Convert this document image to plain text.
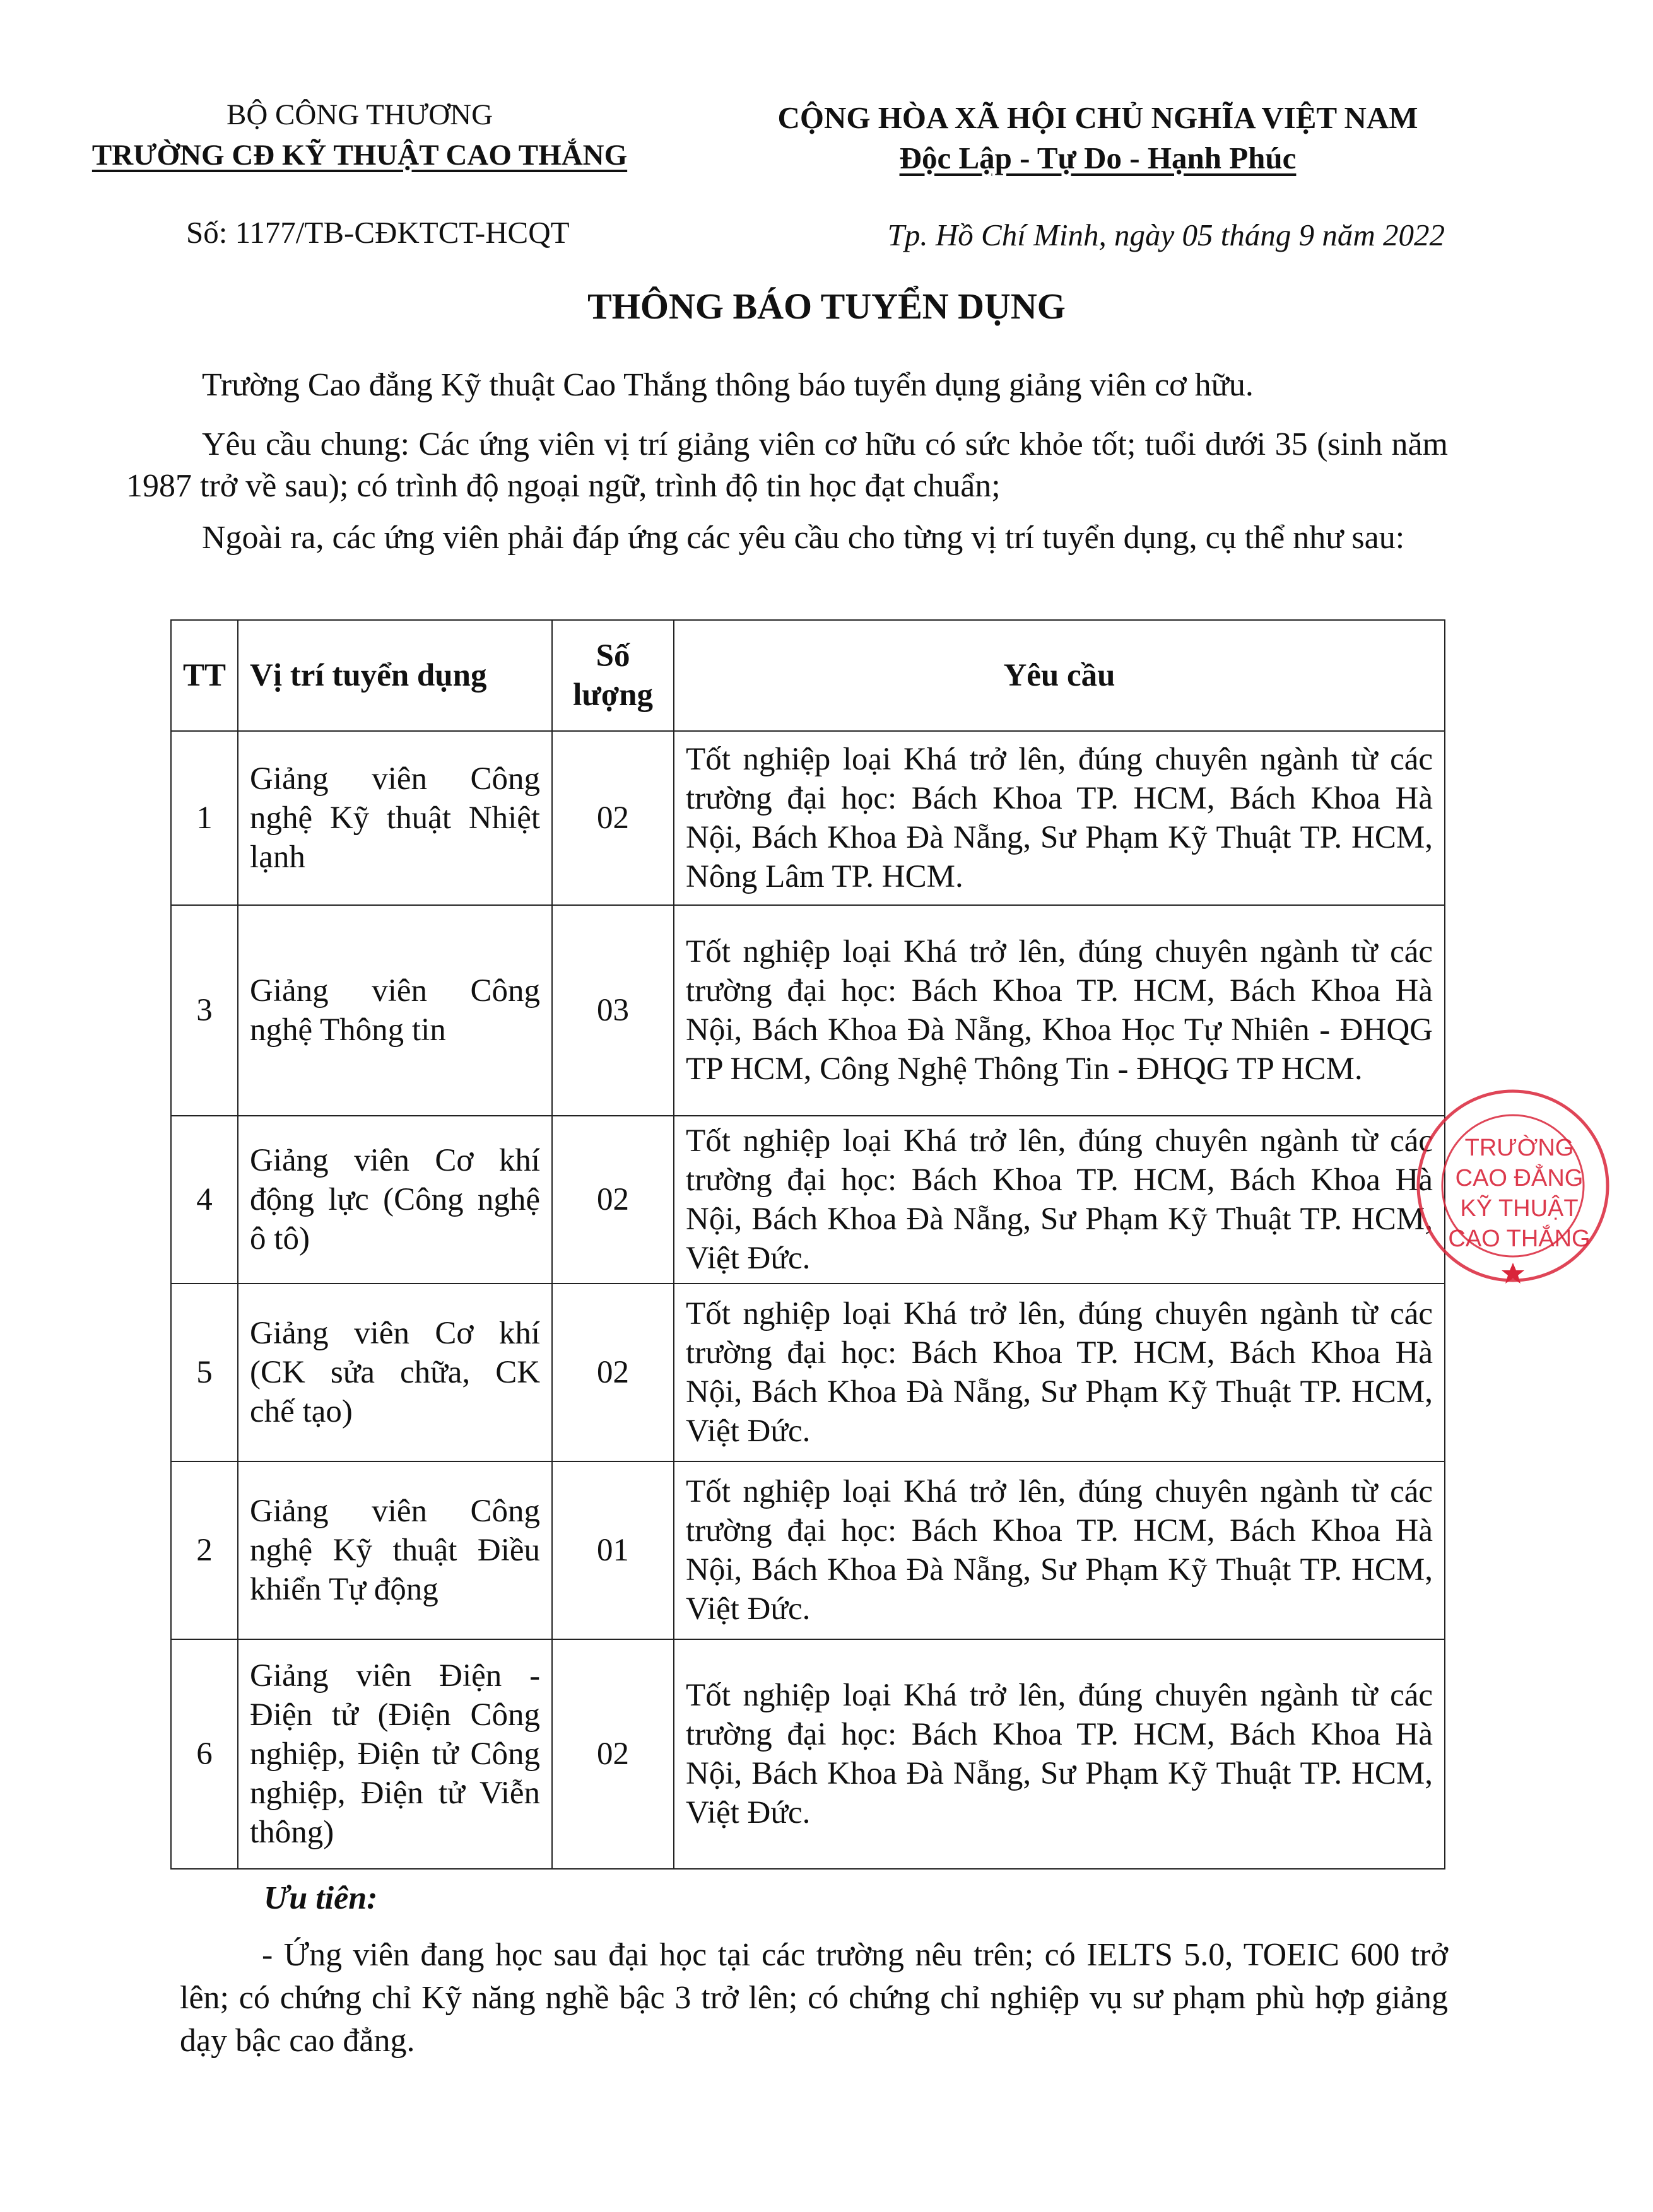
BỘ CÔNG THƯƠNG
TRƯỜNG CĐ KỸ THUẬT CAO THẮNG
CỘNG HÒA XÃ HỘI CHỦ NGHĨA VIỆT NAM
Độc Lập - Tự Do - Hạnh Phúc
Số: 1177/TB-CĐKTCT-HCQT	Tp. Hồ Chí Minh, ngày 05 tháng 9 năm 2022
THÔNG BÁO TUYỂN DỤNG
Trường Cao đẳng Kỹ thuật Cao Thắng thông báo tuyển dụng giảng viên cơ hữu.
Yêu cầu chung: Các ứng viên vị trí giảng viên cơ hữu có sức khỏe tốt; tuổi dưới 35 (sinh năm 1987 trở về sau); có trình độ ngoại ngữ, trình độ tin học đạt chuẩn;
Ngoài ra, các ứng viên phải đáp ứng các yêu cầu cho từng vị trí tuyển dụng, cụ thể như sau:
TT	Vị trí tuyển dụng	Số lượng	Yêu cầu
1	Giảng viên Công nghệ Kỹ thuật Nhiệt lạnh	02	Tốt nghiệp loại Khá trở lên, đúng chuyên ngành từ các trường đại học: Bách Khoa TP. HCM, Bách Khoa Hà Nội, Bách Khoa Đà Nẵng, Sư Phạm Kỹ Thuật TP. HCM, Nông Lâm TP. HCM.
3	Giảng viên Công nghệ Thông tin	03	Tốt nghiệp loại Khá trở lên, đúng chuyên ngành từ các trường đại học: Bách Khoa TP. HCM, Bách Khoa Hà Nội, Bách Khoa Đà Nẵng, Khoa Học Tự Nhiên - ĐHQG TP HCM, Công Nghệ Thông Tin - ĐHQG TP HCM.
4	Giảng viên Cơ khí động lực (Công nghệ ô tô)	02	Tốt nghiệp loại Khá trở lên, đúng chuyên ngành từ các trường đại học: Bách Khoa TP. HCM, Bách Khoa Hà Nội, Bách Khoa Đà Nẵng, Sư Phạm Kỹ Thuật TP. HCM, Việt Đức.
5	Giảng viên Cơ khí (CK sửa chữa, CK chế tạo)	02	Tốt nghiệp loại Khá trở lên, đúng chuyên ngành từ các trường đại học: Bách Khoa TP. HCM, Bách Khoa Hà Nội, Bách Khoa Đà Nẵng, Sư Phạm Kỹ Thuật TP. HCM, Việt Đức.
2	Giảng viên Công nghệ Kỹ thuật Điều khiển Tự động	01	Tốt nghiệp loại Khá trở lên, đúng chuyên ngành từ các trường đại học: Bách Khoa TP. HCM, Bách Khoa Hà Nội, Bách Khoa Đà Nẵng, Sư Phạm Kỹ Thuật TP. HCM, Việt Đức.
6	Giảng viên Điện - Điện tử (Điện Công nghiệp, Điện tử Công nghiệp, Điện tử Viễn thông)	02	Tốt nghiệp loại Khá trở lên, đúng chuyên ngành từ các trường đại học: Bách Khoa TP. HCM, Bách Khoa Hà Nội, Bách Khoa Đà Nẵng, Sư Phạm Kỹ Thuật TP. HCM, Việt Đức.
Ưu tiên:
- Ứng viên đang học sau đại học tại các trường nêu trên; có IELTS 5.0, TOEIC 600 trở lên; có chứng chỉ Kỹ năng nghề bậc 3 trở lên; có chứng chỉ nghiệp vụ sư phạm phù hợp giảng dạy bậc cao đẳng.
TRƯỜNG
CAO ĐẲNG
KỸ THUẬT
CAO THẮNG
